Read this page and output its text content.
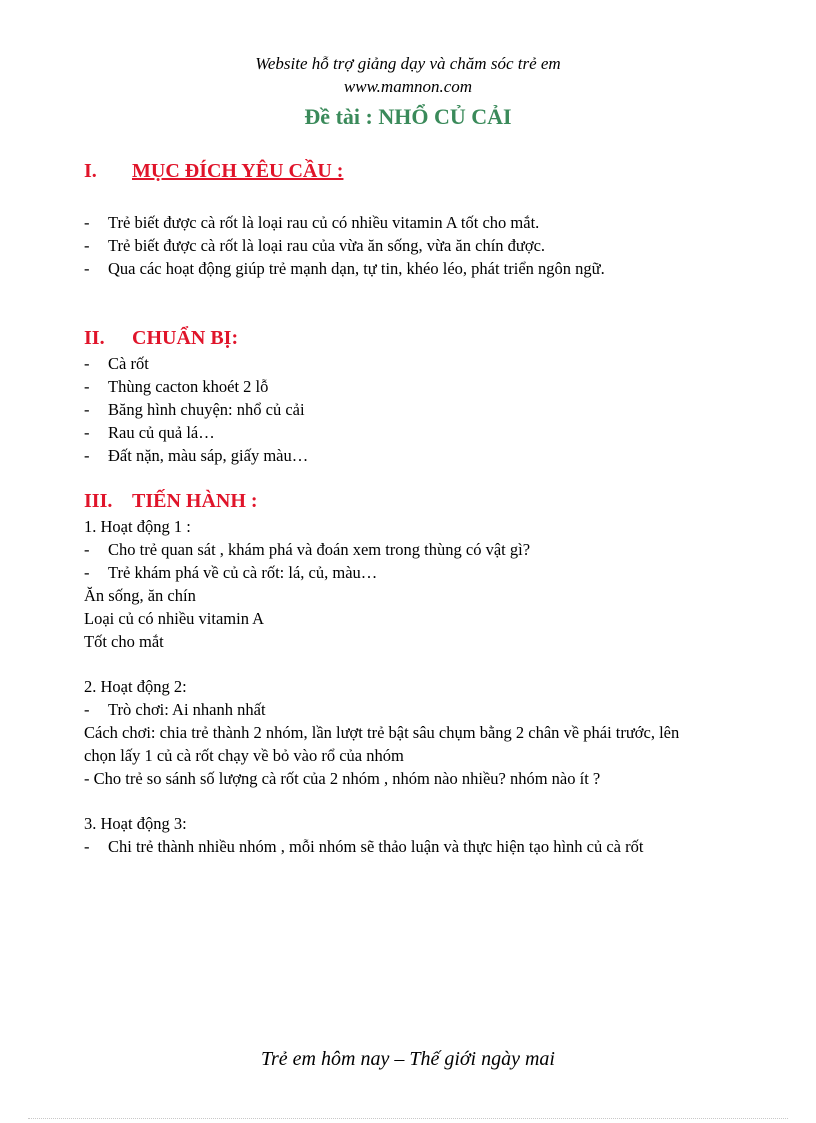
Website hỗ trợ giảng dạy và chăm sóc trẻ em
www.mamnon.com
Đề tài : NHỔ CỦ CẢI
I. MỤC ĐÍCH YÊU CẦU :
- Trẻ biết được cà rốt là loại rau củ có nhiều vitamin A tốt cho mắt.
- Trẻ biết được cà rốt là loại rau của vừa ăn sống, vừa ăn chín được.
- Qua các hoạt động giúp trẻ mạnh dạn, tự tin, khéo léo, phát triển ngôn ngữ.
II. CHUẨN BỊ:
- Cà rốt
- Thùng cacton khoét 2 lỗ
- Băng hình chuyện: nhổ củ cải
- Rau củ quả lá…
- Đất nặn, màu sáp, giấy màu…
III. TIẾN HÀNH :
1. Hoạt động 1 :
- Cho trẻ quan sát , khám phá và đoán xem trong thùng có vật gì?
- Trẻ khám phá về củ cà rốt: lá, củ, màu…
Ăn sống, ăn chín
Loại củ có nhiều vitamin A
Tốt cho mắt
2. Hoạt động 2:
- Trò chơi: Ai nhanh nhất
Cách chơi: chia trẻ thành 2 nhóm, lần lượt trẻ bật sâu chụm bằng 2 chân về phái trước, lên
chọn lấy 1 củ cà rốt chạy về bỏ vào rổ của nhóm
- Cho trẻ so sánh số lượng cà rốt của 2 nhóm , nhóm nào nhiều? nhóm nào ít ?
3. Hoạt động 3:
- Chi trẻ thành nhiều nhóm , mỗi nhóm sẽ thảo luận và thực hiện tạo hình củ cà rốt
Trẻ em hôm nay – Thế giới ngày mai
